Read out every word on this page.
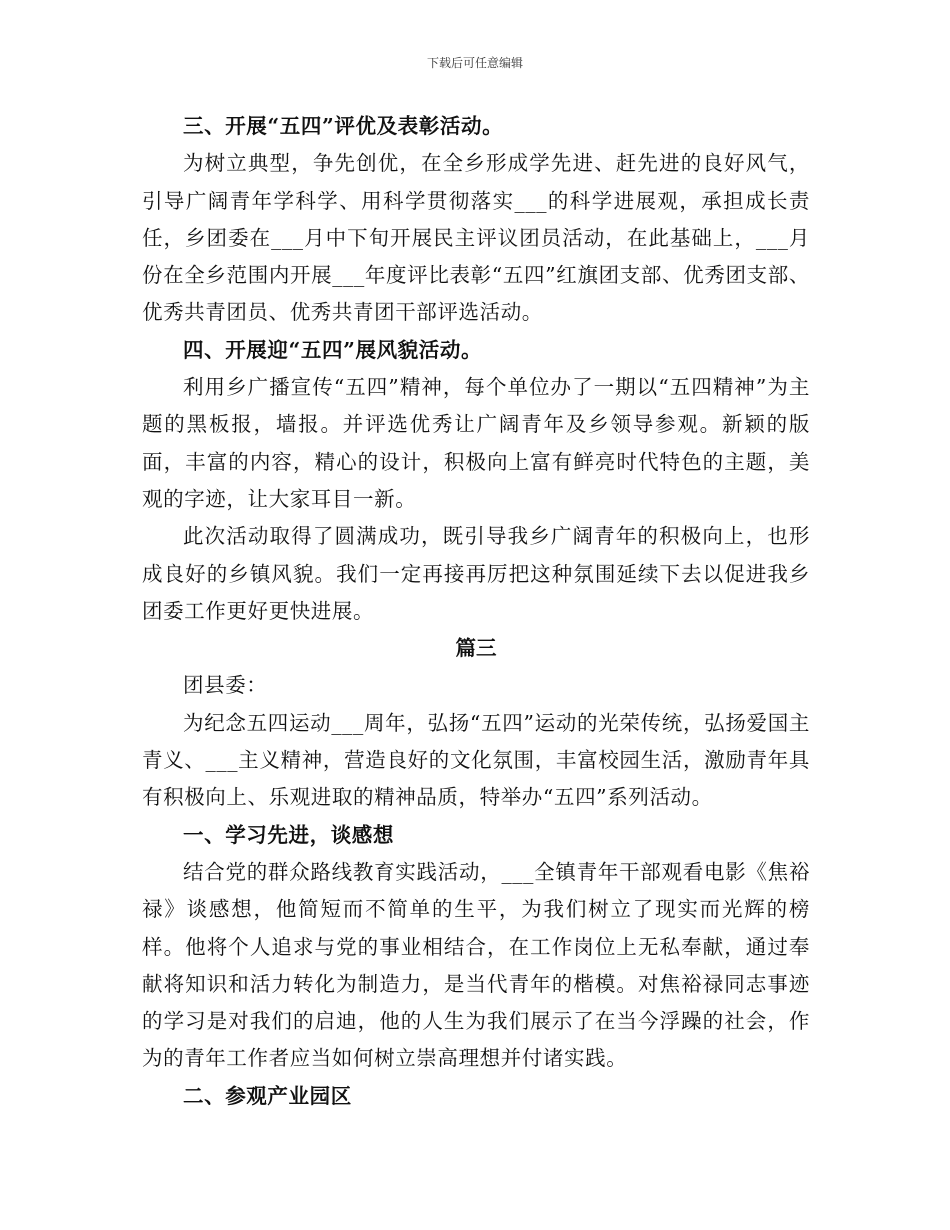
下载后可任意编辑

三、开展“五四”评优及表彰活动。

为树立典型，争先创优，在全乡形成学先进、赶先进的良好风气，引导广阔青年学科学、用科学贯彻落实___的科学进展观，承担成长责任，乡团委在___月中下旬开展民主评议团员活动，在此基础上，___月份在全乡范围内开展___年度评比表彰“五四”红旗团支部、优秀团支部、优秀共青团员、优秀共青团干部评选活动。

四、开展迎“五四”展风貌活动。

利用乡广播宣传“五四”精神，每个单位办了一期以“五四精神”为主题的黑板报，墙报。并评选优秀让广阔青年及乡领导参观。新颖的版面，丰富的内容，精心的设计，积极向上富有鲜亮时代特色的主题，美观的字迹，让大家耳目一新。

此次活动取得了圆满成功，既引导我乡广阔青年的积极向上，也形成良好的乡镇风貌。我们一定再接再厉把这种氛围延续下去以促进我乡团委工作更好更快进展。

篇三

团县委：

为纪念五四运动___周年，弘扬“五四”运动的光荣传统，弘扬爱国主青义、___主义精神，营造良好的文化氛围，丰富校园生活，激励青年具有积极向上、乐观进取的精神品质，特举办“五四”系列活动。

一、学习先进，谈感想

结合党的群众路线教育实践活动，___全镇青年干部观看电影《焦裕禄》谈感想，他简短而不简单的生平，为我们树立了现实而光辉的榜样。他将个人追求与党的事业相结合，在工作岗位上无私奉献，通过奉献将知识和活力转化为制造力，是当代青年的楷模。对焦裕禄同志事迹的学习是对我们的启迪，他的人生为我们展示了在当今浮躁的社会，作为的青年工作者应当如何树立崇高理想并付诸实践。

二、参观产业园区
